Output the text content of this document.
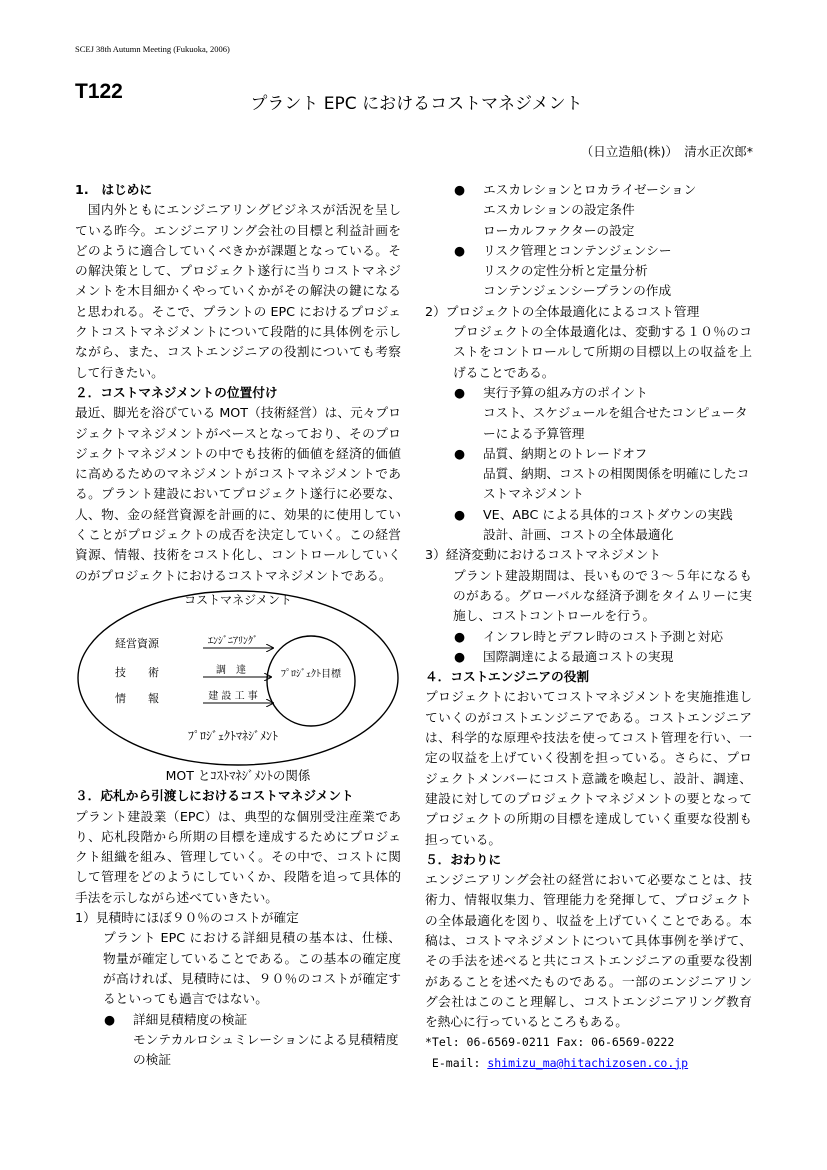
SCEJ 38th Autumn Meeting (Fukuoka, 2006)
T122
プラント EPC におけるコストマネジメント
（日立造船(株)）　清水正次郎*

1.　はじめに

国内外ともにエンジニアリングビジネスが活況を呈している昨今。エンジニアリング会社の目標と利益計画をどのように適合していくべきかが課題となっている。その解決策として、プロジェクト遂行に当りコストマネジメントを木目細かくやっていくかがその解決の鍵になると思われる。そこで、プラントの EPC におけるプロジェクトコストマネジメントについて段階的に具体例を示しながら、また、コストエンジニアの役割についても考察して行きたい。

２．コストマネジメントの位置付け

最近、脚光を浴びている MOT（技術経営）は、元々プロジェクトマネジメントがベースとなっており、そのプロジェクトマネジメントの中でも技術的価値を経済的価値に高めるためのマネジメントがコストマネジメントである。プラント建設においてプロジェクト遂行に必要な、人、物、金の経営資源を計画的に、効果的に使用していくことがプロジェクトの成否を決定していく。この経営資源、情報、技術をコスト化し、コントロールしていくのがプロジェクトにおけるコストマネジメントである。

コストマネジメント
経営資源
技　　術
情　　報
ｴﾝｼﾞﾆｱﾘﾝｸﾞ
調　達
建 設 工 事
ﾌﾟﾛｼﾞｪｸﾄ目標
ﾌﾟﾛｼﾞｪｸﾄﾏﾈｼﾞﾒﾝﾄ

MOT とｺｽﾄﾏﾈｼﾞﾒﾝﾄの関係

３．応札から引渡しにおけるコストマネジメント

プラント建設業（EPC）は、典型的な個別受注産業であり、応札段階から所期の目標を達成するためにプロジェクト組織を組み、管理していく。その中で、コストに関して管理をどのようにしていくか、段階を追って具体的手法を示しながら述べていきたい。

1）見積時にほぼ９０％のコストが確定

プラント EPC における詳細見積の基本は、仕様、物量が確定していることである。この基本の確定度が高ければ、見積時には、９０％のコストが確定するといっても過言ではない。

● 詳細見積精度の検証

モンテカルロシュミレーションによる見積精度の検証

● エスカレションとロカライゼーション

エスカレションの設定条件

ローカルファクターの設定

● リスク管理とコンテンジェンシー

リスクの定性分析と定量分析

コンテンジェンシープランの作成

2）プロジェクトの全体最適化によるコスト管理

プロジェクトの全体最適化は、変動する１０％のコストをコントロールして所期の目標以上の収益を上げることである。

● 実行予算の組み方のポイント

コスト、スケジュールを組合せたコンピューターによる予算管理

● 品質、納期とのトレードオフ

品質、納期、コストの相関関係を明確にしたコストマネジメント

● VE、ABC による具体的コストダウンの実践

設計、計画、コストの全体最適化

3）経済変動におけるコストマネジメント

プラント建設期間は、長いもので３～５年になるものがある。グローバルな経済予測をタイムリーに実施し、コストコントロールを行う。

● インフレ時とデフレ時のコスト予測と対応
● 国際調達による最適コストの実現

４．コストエンジニアの役割

プロジェクトにおいてコストマネジメントを実施推進していくのがコストエンジニアである。コストエンジニアは、科学的な原理や技法を使ってコスト管理を行い、一定の収益を上げていく役割を担っている。さらに、プロジェクトメンバーにコスト意識を喚起し、設計、調達、建設に対してのプロジェクトマネジメントの要となってプロジェクトの所期の目標を達成していく重要な役割も担っている。

５．おわりに

エンジニアリング会社の経営において必要なことは、技術力、情報収集力、管理能力を発揮して、プロジェクトの全体最適化を図り、収益を上げていくことである。本稿は、コストマネジメントについて具体事例を挙げて、その手法を述べると共にコストエンジニアの重要な役割があることを述べたものである。一部のエンジニアリング会社はこのこと理解し、コストエンジニアリング教育を熱心に行っているところもある。

*Tel: 06-6569-0211 Fax: 06-6569-0222

E-mail: shimizu_ma@hitachizosen.co.jp
